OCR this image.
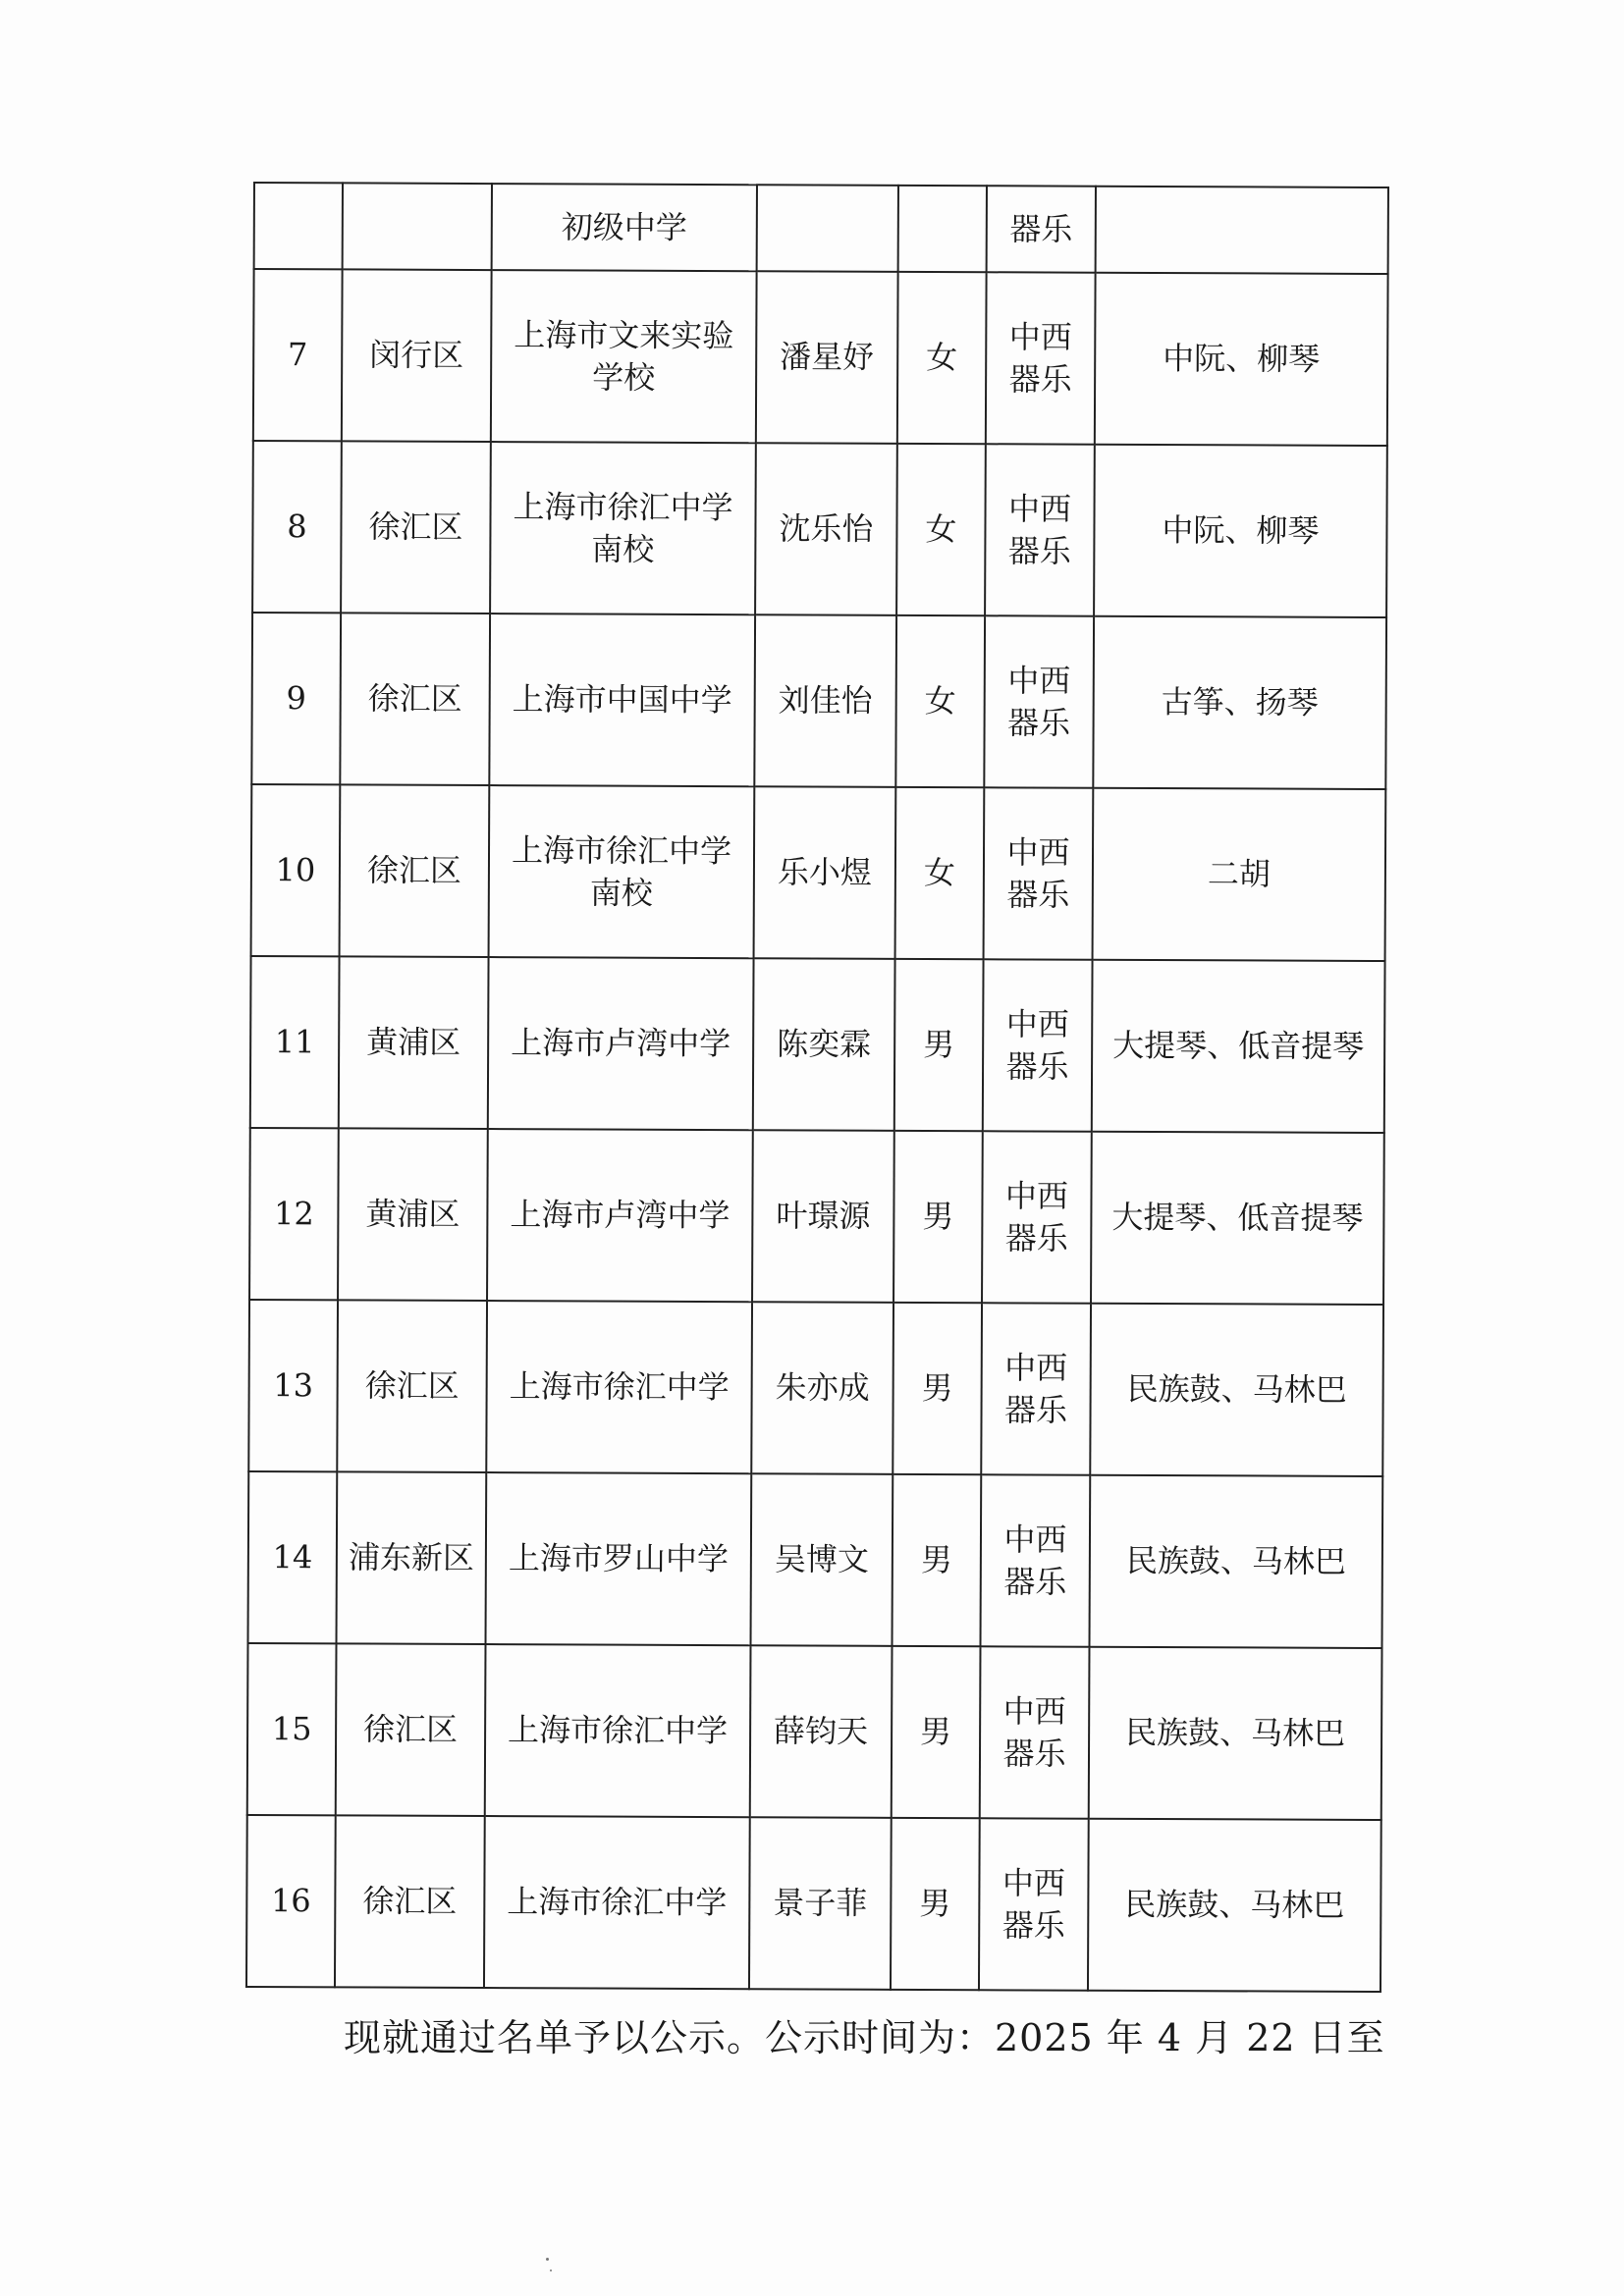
		初级中学			器乐	
7	闵行区	上海市文来实验学校	潘星妤	女	中西器乐	中阮、柳琴
8	徐汇区	上海市徐汇中学南校	沈乐怡	女	中西器乐	中阮、柳琴
9	徐汇区	上海市中国中学	刘佳怡	女	中西器乐	古筝、扬琴
10	徐汇区	上海市徐汇中学南校	乐小煜	女	中西器乐	二胡
11	黄浦区	上海市卢湾中学	陈奕霖	男	中西器乐	大提琴、低音提琴
12	黄浦区	上海市卢湾中学	叶璟源	男	中西器乐	大提琴、低音提琴
13	徐汇区	上海市徐汇中学	朱亦成	男	中西器乐	民族鼓、马林巴
14	浦东新区	上海市罗山中学	吴博文	男	中西器乐	民族鼓、马林巴
15	徐汇区	上海市徐汇中学	薛钧天	男	中西器乐	民族鼓、马林巴
16	徐汇区	上海市徐汇中学	景子菲	男	中西器乐	民族鼓、马林巴
现就通过名单予以公示。公示时间为：2025 年 4 月 22 日至
